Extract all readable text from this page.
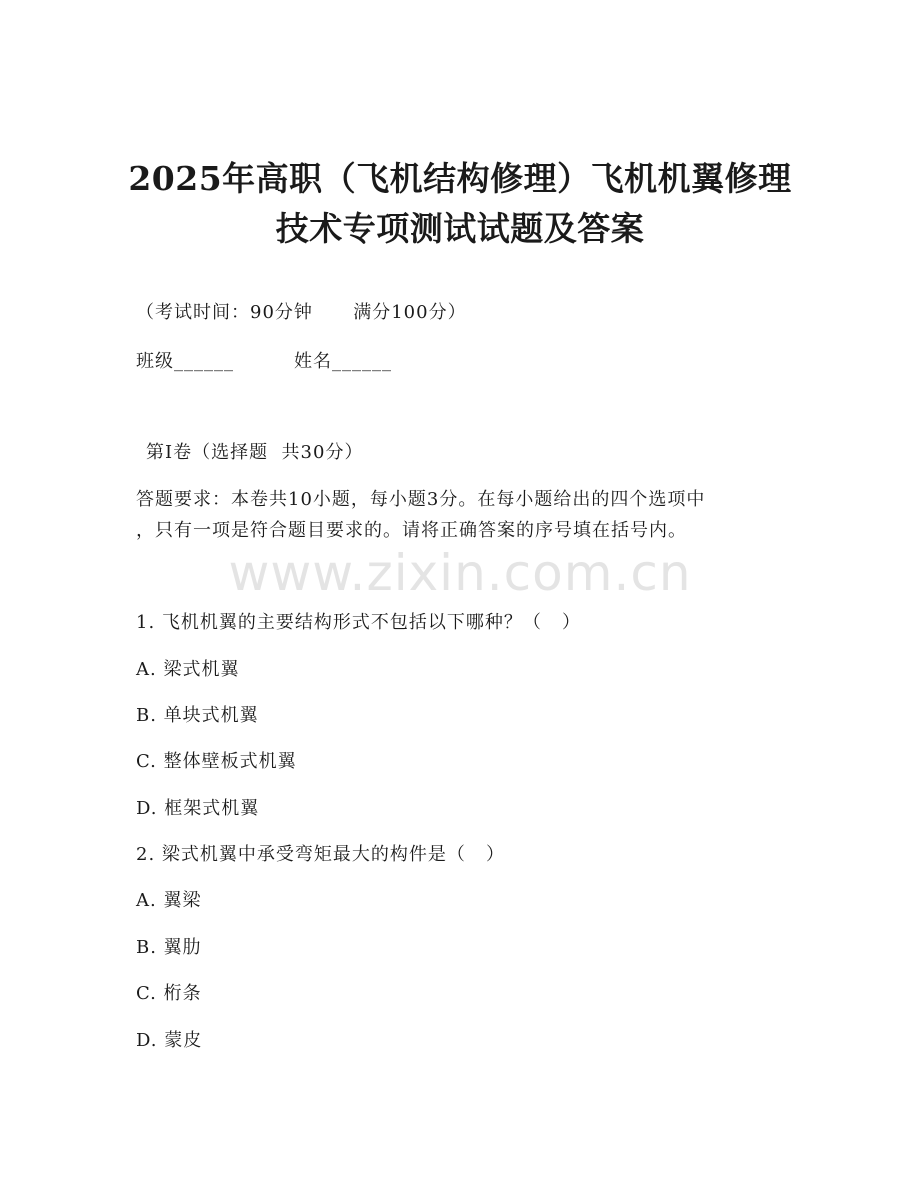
2025年高职（飞机结构修理）飞机机翼修理
技术专项测试试题及答案
（考试时间：90分钟      满分100分）
班级______	姓名______
第Ⅰ卷（选择题  共30分）
答题要求：本卷共10小题，每小题3分。在每小题给出的四个选项中
，只有一项是符合题目要求的。请将正确答案的序号填在括号内。
www.zixin.com.cn
1. 飞机机翼的主要结构形式不包括以下哪种？（   ）
A. 梁式机翼
B. 单块式机翼
C. 整体壁板式机翼
D. 框架式机翼
2. 梁式机翼中承受弯矩最大的构件是（   ）
A. 翼梁
B. 翼肋
C. 桁条
D. 蒙皮
